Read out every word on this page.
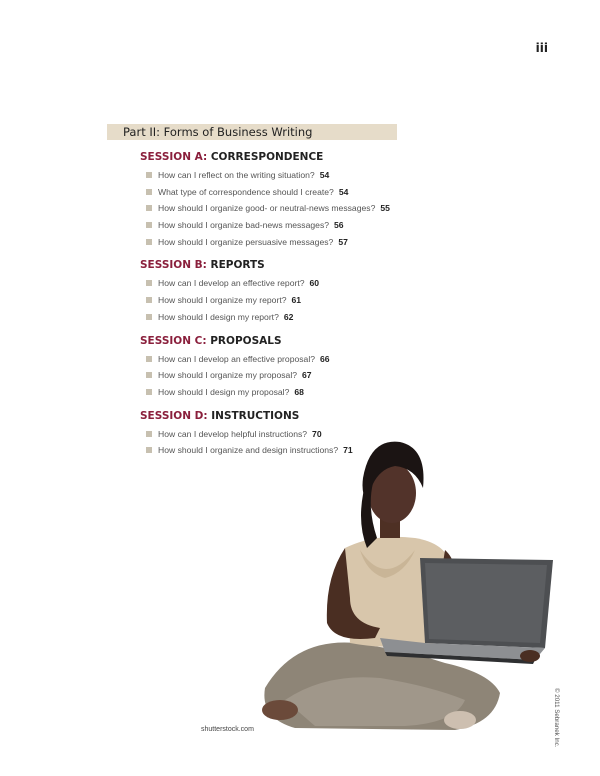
iii
Part II: Forms of Business Writing
SESSION A: CORRESPONDENCE
How can I reflect on the writing situation? 54
What type of correspondence should I create? 54
How should I organize good- or neutral-news messages? 55
How should I organize bad-news messages? 56
How should I organize persuasive messages? 57
SESSION B: REPORTS
How can I develop an effective report? 60
How should I organize my report? 61
How should I design my report? 62
SESSION C: PROPOSALS
How can I develop an effective proposal? 66
How should I organize my proposal? 67
How should I design my proposal? 68
SESSION D: INSTRUCTIONS
How can I develop helpful instructions? 70
How should I organize and design instructions? 71
shutterstock.com	© 2011 Sebranek Inc.
